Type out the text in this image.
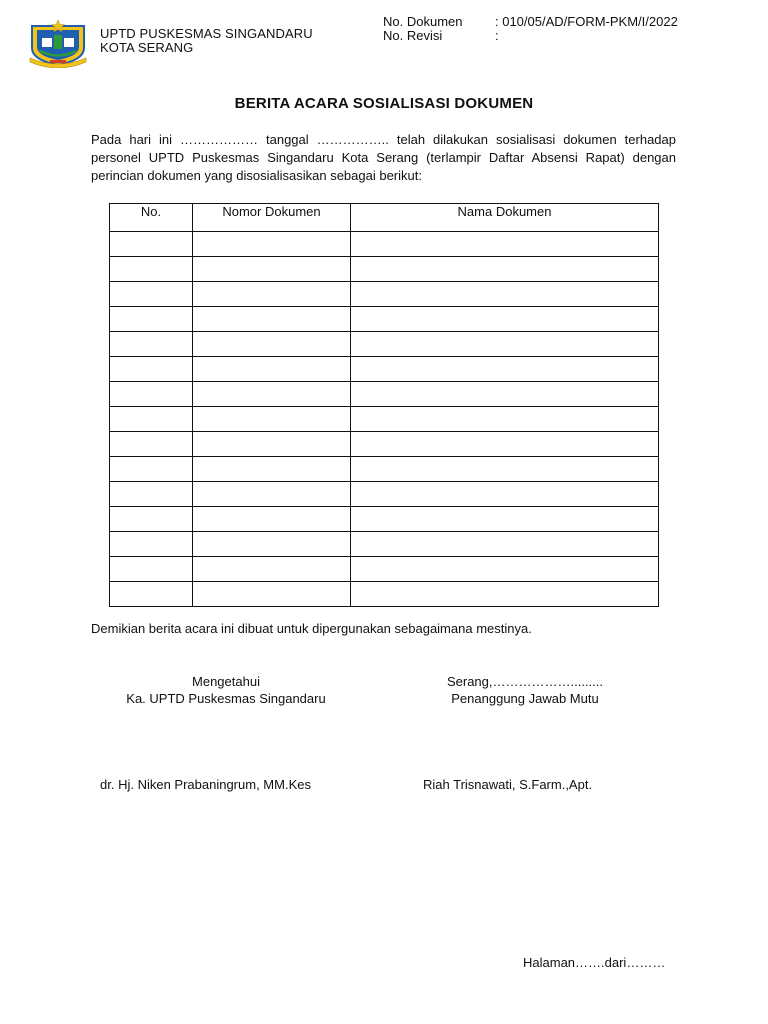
UPTD PUSKESMAS SINGANDARU
KOTA SERANG
No. Dokumen	: 010/05/AD/FORM-PKM/I/2022
No. Revisi	:
BERITA ACARA SOSIALISASI DOKUMEN

Pada hari ini ……………… tanggal …………….. telah dilakukan sosialisasi dokumen terhadap personel UPTD Puskesmas Singandaru Kota Serang (terlampir Daftar Absensi Rapat) dengan perincian dokumen yang disosialisasikan sebagai berikut:

No.	Nomor Dokumen	Nama Dokumen

Demikian berita acara ini dibuat untuk dipergunakan sebagaimana mestinya.

Mengetahui
Ka. UPTD Puskesmas Singandaru
Serang,……………….........
Penanggung Jawab Mutu
dr. Hj. Niken Prabaningrum, MM.Kes	Riah Trisnawati, S.Farm.,Apt.
Halaman…….dari………
